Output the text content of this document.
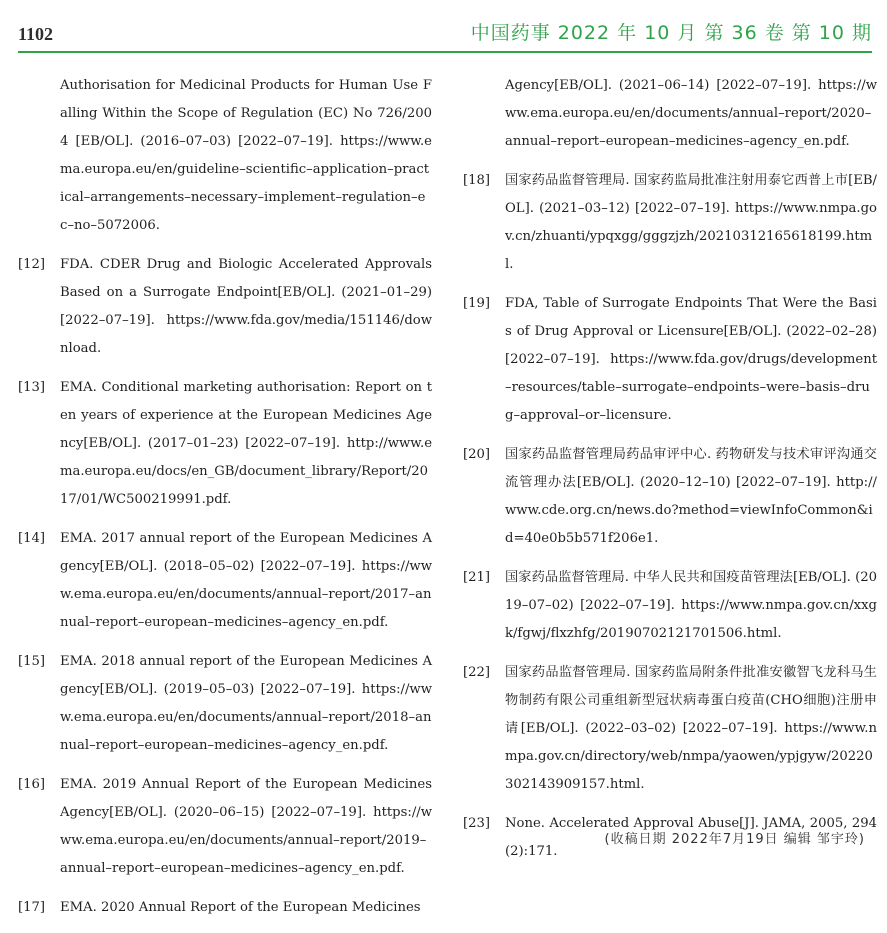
1102	中国药事 2022 年 10 月 第 36 卷 第 10 期
Authorisation for Medicinal Products for Human Use Falling Within the Scope of Regulation (EC) No 726/2004 [EB/OL]. (2016–07–03) [2022–07–19]. https://www.ema.europa.eu/en/guideline–scientific–application–practical–arrangements–necessary–implement–regulation–ec–no–5072006.
[12]	FDA. CDER Drug and Biologic Accelerated Approvals Based on a Surrogate Endpoint[EB/OL]. (2021–01–29) [2022–07–19]. https://www.fda.gov/media/151146/download.
[13]	EMA. Conditional marketing authorisation: Report on ten years of experience at the European Medicines Agency[EB/OL]. (2017–01–23) [2022–07–19]. http://www.ema.europa.eu/docs/en_GB/document_library/Report/2017/01/WC500219991.pdf.
[14]	EMA. 2017 annual report of the European Medicines Agency[EB/OL]. (2018–05–02) [2022–07–19]. https://www.ema.europa.eu/en/documents/annual–report/2017–annual–report–european–medicines–agency_en.pdf.
[15]	EMA. 2018 annual report of the European Medicines Agency[EB/OL]. (2019–05–03) [2022–07–19]. https://www.ema.europa.eu/en/documents/annual–report/2018–annual–report–european–medicines–agency_en.pdf.
[16]	EMA. 2019 Annual Report of the European Medicines Agency[EB/OL]. (2020–06–15) [2022–07–19]. https://www.ema.europa.eu/en/documents/annual–report/2019–annual–report–european–medicines–agency_en.pdf.
[17]	EMA. 2020 Annual Report of the European Medicines
Agency[EB/OL]. (2021–06–14) [2022–07–19]. https://www.ema.europa.eu/en/documents/annual–report/2020–annual–report–european–medicines–agency_en.pdf.
[18]	国家药品监督管理局. 国家药监局批准注射用泰它西普上市[EB/OL]. (2021–03–12) [2022–07–19]. https://www.nmpa.gov.cn/zhuanti/ypqxgg/gggzjzh/20210312165618199.html.
[19]	FDA, Table of Surrogate Endpoints That Were the Basis of Drug Approval or Licensure[EB/OL]. (2022–02–28) [2022–07–19]. https://www.fda.gov/drugs/development–resources/table–surrogate–endpoints–were–basis–drug–approval–or–licensure.
[20]	国家药品监督管理局药品审评中心. 药物研发与技术审评沟通交流管理办法[EB/OL]. (2020–12–10) [2022–07–19]. http://www.cde.org.cn/news.do?method=viewInfoCommon&id=40e0b5b571f206e1.
[21]	国家药品监督管理局. 中华人民共和国疫苗管理法[EB/OL]. (2019–07–02) [2022–07–19]. https://www.nmpa.gov.cn/xxgk/fgwj/flxzhfg/20190702121701506.html.
[22]	国家药品监督管理局. 国家药监局附条件批准安徽智飞龙科马生物制药有限公司重组新型冠状病毒蛋白疫苗(CHO细胞)注册申请[EB/OL]. (2022–03–02) [2022–07–19]. https://www.nmpa.gov.cn/directory/web/nmpa/yaowen/ypjgyw/20220302143909157.html.
[23]	None. Accelerated Approval Abuse[J]. JAMA, 2005, 294 (2):171.
(收稿日期 2022年7月19日 编辑 邹宇玲)
